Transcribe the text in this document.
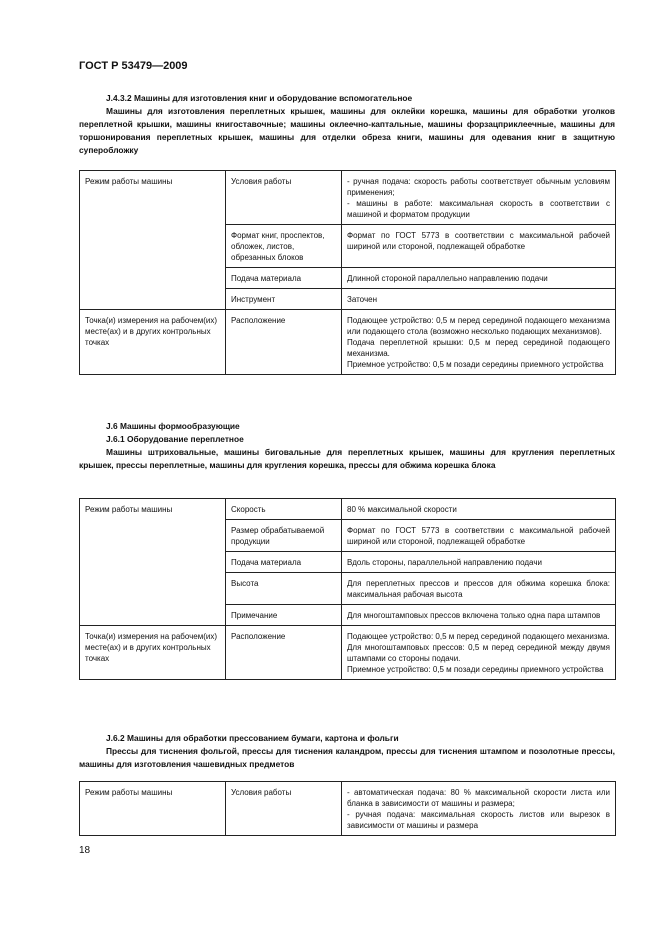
ГОСТ Р 53479—2009
J.4.3.2 Машины для изготовления книг и оборудование вспомогательное
Машины для изготовления переплетных крышек, машины для оклейки корешка, машины для обработки уголков переплетной крышки, машины книгоставочные; машины оклеечно-каптальные, машины форзацприклеечные, машины для торшонирования переплетных крышек, машины для отделки обреза книги, машины для одевания книг в защитную суперобложку
Режим работы машины	Условия работы	- ручная подача: скорость работы соответствует обычным условиям применения;
- машины в работе: максимальная скорость в соответствии с машиной и форматом продукции

	Формат книг, проспектов, обложек, листов, обрезанных блоков	Формат по ГОСТ 5773 в соответствии с максимальной рабочей шириной или стороной, подлежащей обработке
	Подача материала	Длинной стороной параллельно направлению подачи
	Инструмент	Заточен
Точка(и) измерения на рабочем(их) месте(ах) и в других контрольных точках	Расположение	Подающее устройство: 0,5 м перед серединой подающего механизма или подающего стола (возможно несколько подающих механизмов).
Подача переплетной крышки: 0,5 м перед серединой подающего механизма.
Приемное устройство: 0,5 м позади середины приемного устройства
J.6 Машины формообразующие
J.6.1 Оборудование переплетное
Машины штриховальные, машины биговальные для переплетных крышек, машины для кругления переплетных крышек, прессы переплетные, машины для кругления корешка, прессы для обжима корешка блока
Режим работы машины	Скорость	80 % максимальной скорости
	Размер обрабатываемой продукции	Формат по ГОСТ 5773 в соответствии с максимальной рабочей шириной или стороной, подлежащей обработке
	Подача материала	Вдоль стороны, параллельной направлению подачи
	Высота	Для переплетных прессов и прессов для обжима корешка блока: максимальная рабочая высота
	Примечание	Для многоштамповых прессов включена только одна пара штампов
Точка(и) измерения на рабочем(их) месте(ах) и в других контрольных точках	Расположение	Подающее устройство: 0,5 м перед серединой подающего механизма.
Для многоштамповых прессов: 0,5 м перед серединой между двумя штампами со стороны подачи.
Приемное устройство: 0,5 м позади середины приемного устройства
J.6.2 Машины для обработки прессованием бумаги, картона и фольги
Прессы для тиснения фольгой, прессы для тиснения каландром, прессы для тиснения штампом и позолотные прессы, машины для изготовления чашевидных предметов
Режим работы машины	Условия работы	- автоматическая подача: 80 % максимальной скорости листа или бланка в зависимости от машины и размера;
- ручная подача: максимальная скорость листов или вырезок в зависимости от машины и размера
18
